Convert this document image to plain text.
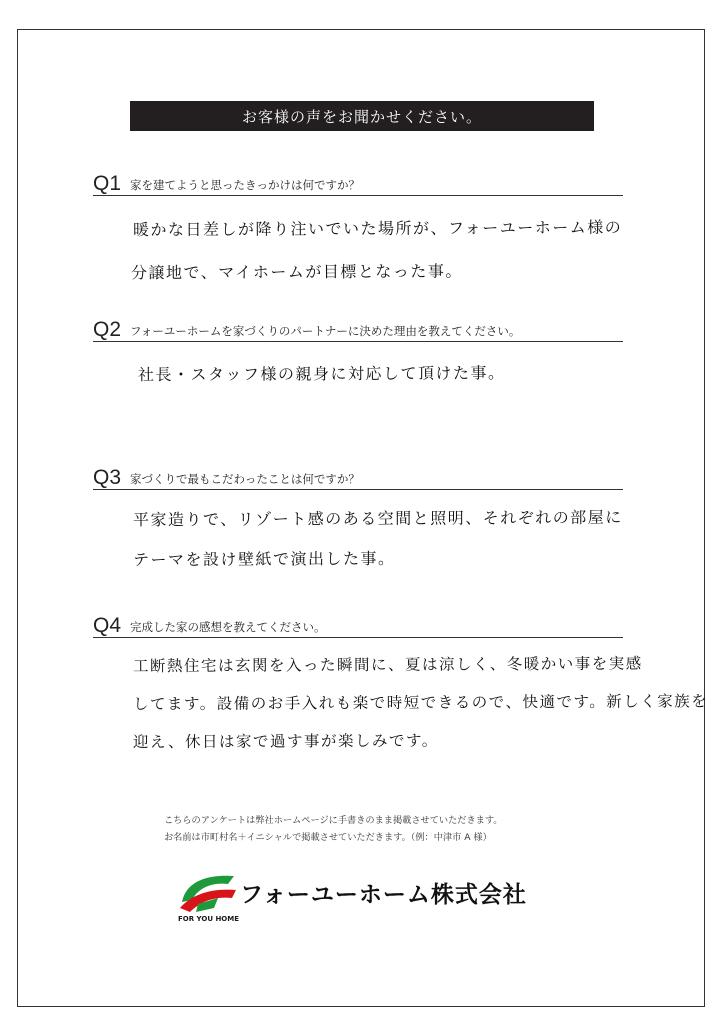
お客様の声をお聞かせください。
Q1 家を建てようと思ったきっかけは何ですか？
暖かな日差しが降り注いでいた場所が、フォーユーホーム様の
分譲地で、マイホームが目標となった事。
Q2 フォーユーホームを家づくりのパートナーに決めた理由を教えてください。
社長・スタッフ様の親身に対応して頂けた事。
Q3 家づくりで最もこだわったことは何ですか？
平家造りで、リゾート感のある空間と照明、それぞれの部屋に
テーマを設け壁紙で演出した事。
Q4 完成した家の感想を教えてください。
工断熱住宅は玄関を入った瞬間に、夏は涼しく、冬暖かい事を実感
してます。設備のお手入れも楽で時短できるので、快適です。新しく家族を
迎え、休日は家で過す事が楽しみです。
こちらのアンケートは弊社ホームページに手書きのまま掲載させていただきます。
お名前は市町村名＋イニシャルで掲載させていただきます。（例：中津市 A 様）
フォーユーホーム株式会社
FOR YOU HOME
